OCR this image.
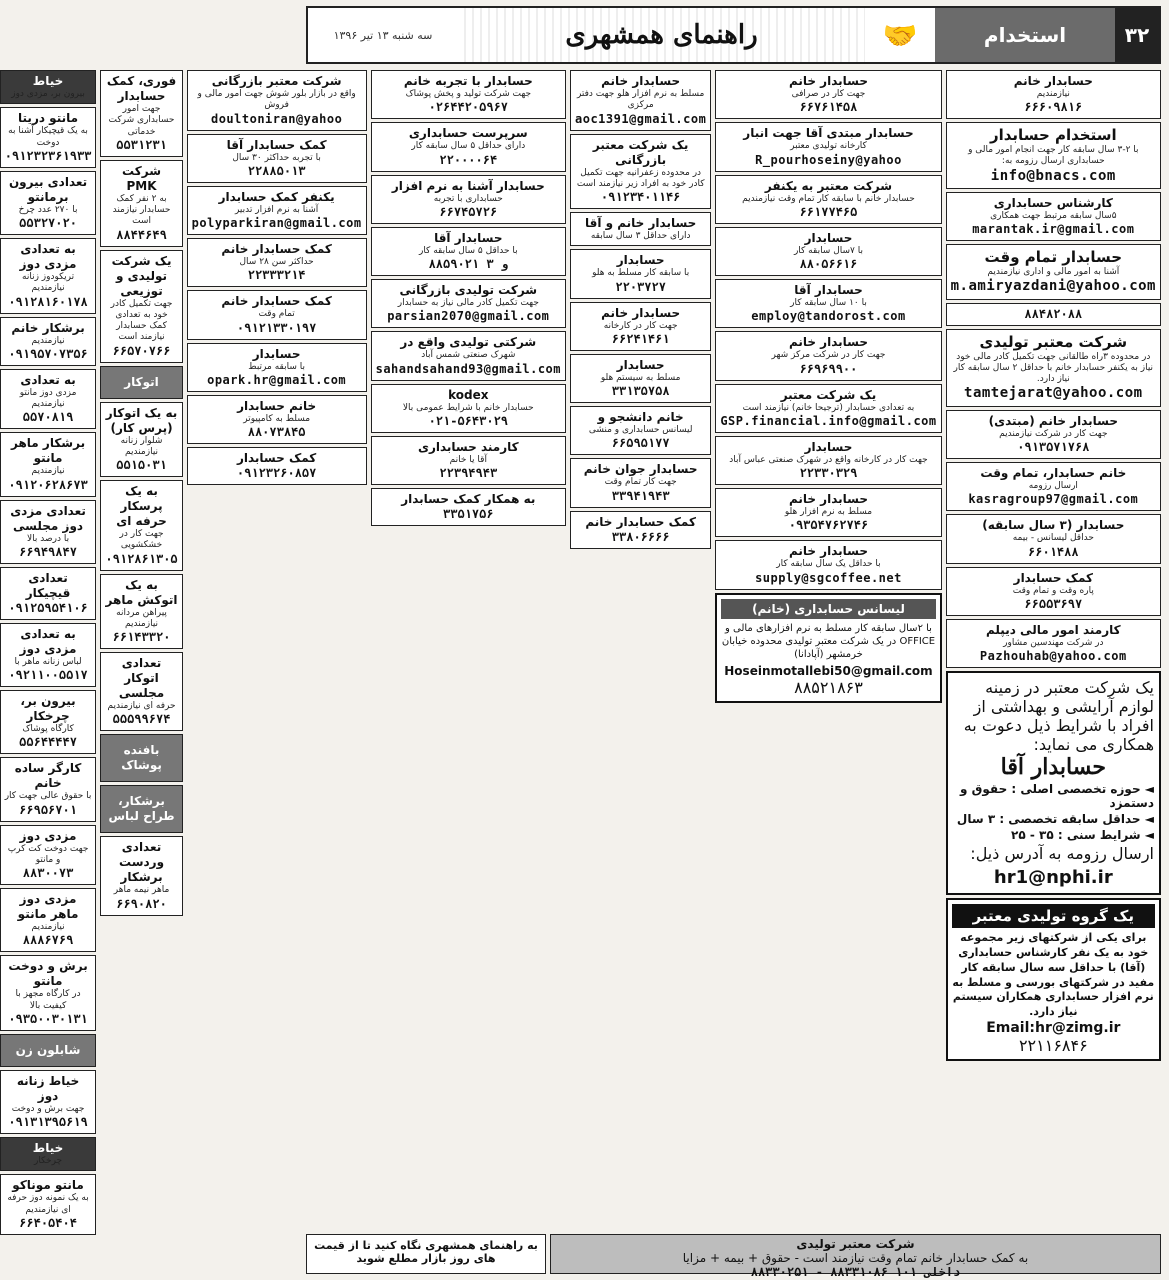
۳۲
استخدام
🤝
راهنمای همشهری
سه شنبه ۱۳ تیر ۱۳۹۶
حسابدار خانم
نیازمندیم
۶۶۶۰۹۸۱۶
استخدام حسابدار
با ۲-۳ سال سابقه کار جهت انجام امور مالی و حسابداری ارسال رزومه به:
info@bnacs.com
کارشناس حسابداری
۵سال سابقه مرتبط جهت همکاری
marantak.ir@gmail.com
حسابدار تمام وقت
آشنا به امور مالی و اداری نیازمندیم
m.amiryazdani@yahoo.com
۸۸۴۸۲۰۸۸
شرکت معتبر تولیدی
در محدوده ۳راه طالقانی جهت تکمیل کادر مالی خود نیاز به یکنفر حسابدار خانم با حداقل ۲ سال سابقه کار نیاز دارد.
tamtejarat@yahoo.com
حسابدار خانم (مبتدی)
جهت کار در شرکت نیازمندیم
۰۹۱۳۵۷۱۷۶۸
خانم حسابدار، تمام وقت
ارسال رزومه
kasragroup97@gmail.com
حسابدار (۳ سال سابقه)
حداقل لیسانس - بیمه
۶۶۰۱۴۸۸
کمک حسابدار
پاره وقت و تمام وقت
۶۶۵۵۳۶۹۷
کارمند امور مالی دیپلم
در شرکت مهندسین مشاور
Pazhouhab@yahoo.com
یک شرکت معتبر در زمینه لوازم آرایشی و بهداشتی از افراد با شرایط ذیل دعوت به همکاری می نماید:
حسابدار آقا
◄ حوزه تخصصی اصلی : حقوق و دستمزد
◄ حداقل سابقه تخصصی : ۳ سال
◄ شرایط سنی : ۳۵ - ۲۵
ارسال رزومه به آدرس ذیل:
hr1@nphi.ir
یک گروه تولیدی معتبر
برای یکی از شرکتهای زیر مجموعه خود به یک نفر کارشناس حسابداری (آقا) با حداقل سه سال سابقه کار مفید در شرکتهای بورسی و مسلط به نرم افزار حسابداری همکاران سیستم نیاز دارد.
Email:hr@zimg.ir
۲۲۱۱۶۸۴۶
حسابدار خانم
جهت کار در صرافی
۶۶۷۶۱۴۵۸
حسابدار مبتدی آقا جهت انبار
کارخانه تولیدی معتبر
R_pourhoseiny@yahoo
شرکت معتبر به یکنفر
حسابدار خانم با سابقه کار تمام وقت نیازمندیم
۶۶۱۷۷۴۶۵
حسابدار
با ۷سال سابقه کار
۸۸۰۵۶۶۱۶
حسابدار آقا
با ۱۰ سال سابقه کار
employ@tandorost.com
حسابدار خانم
جهت کار در شرکت مرکز شهر
۶۶۹۶۹۹۰۰
یک شرکت معتبر
به تعدادی حسابدار (ترجیحا خانم) نیازمند است
GSP.financial.info@gmail.com
حسابدار
جهت کار در کارخانه واقع در شهرک صنعتی عباس آباد
۲۲۳۳۰۳۲۹
حسابدار خانم
مسلط به نرم افزار هلو
۰۹۳۵۴۷۶۲۷۴۶
حسابدار خانم
با حداقل یک سال سابقه کار
supply@sgcoffee.net
لیسانس حسابداری (خانم)
با ۲سال سابقه کار مسلط به نرم افزارهای مالی و OFFICE در یک شرکت معتبر تولیدی محدوده خیابان خرمشهر (آپادانا)
Hoseinmotallebi50@gmail.com
۸۸۵۲۱۸۶۳
حسابدار خانم
مسلط به نرم افزار هلو جهت دفتر مرکزی
aoc1391@gmail.com
یک شرکت معتبر بازرگانی
در محدوده زعفرانیه جهت تکمیل کادر خود به افراد زیر نیازمند است
۰۹۱۲۳۴۰۱۱۴۶
حسابدار خانم و آقا
دارای حداقل ۳ سال سابقه
حسابدار
با سابقه کار مسلط به هلو
۲۲۰۳۷۲۷
حسابدار خانم
جهت کار در کارخانه
۶۶۲۴۱۴۶۱
حسابدار
مسلط به سیستم هلو
۳۳۱۳۵۷۵۸
خانم دانشجو و
لیسانس حسابداری و منشی
۶۶۵۹۵۱۷۷
حسابدار جوان خانم
جهت کار تمام وقت
۳۳۹۴۱۹۴۳
کمک حسابدار خانم
۳۳۸۰۶۶۶۶
حسابدار با تجربه خانم
جهت شرکت تولید و پخش پوشاک
۰۲۶۴۴۲۰۵۹۶۷
سرپرست حسابداری
دارای حداقل ۵ سال سابقه کار
۲۲۰۰۰۰۶۴
حسابدار آشنا به نرم افزار
حسابداری با تجربه
۶۶۷۴۵۷۲۶
حسابدار آقا
با حداقل ۵ سال سابقه کار
۸۸۵۹۰۲۱ و ۳
شرکت تولیدی بازرگانی
جهت تکمیل کادر مالی نیاز به حسابدار
parsian2070@gmail.com
شرکتی تولیدی واقع در
شهرک صنعتی شمس آباد
sahandsahand93@gmail.com
kodex
حسابدار خانم با شرایط عمومی بالا
۰۲۱-۵۶۴۳۰۲۹
کارمند حسابداری
آقا یا خانم
۲۲۳۹۴۹۴۳
به همکار کمک حسابدار
۳۳۵۱۷۵۶
شرکت معتبر بازرگانی
واقع در بازار بلور شوش جهت امور مالی و فروش
doultoniran@yahoo
کمک حسابدار آقا
با تجربه حداکثر ۳۰ سال
۲۲۸۸۵۰۱۳
یکنفر کمک حسابدار
آشنا به نرم افزار تدبیر
polyparkiran@gmail.com
کمک حسابدار خانم
حداکثر سن ۲۸ سال
۲۲۳۳۳۲۱۴
کمک حسابدار خانم
تمام وقت
۰۹۱۲۱۳۳۰۱۹۷
حسابدار
با سابقه مرتبط
opark.hr@gmail.com
خانم حسابدار
مسلط به کامپیوتر
۸۸۰۷۳۸۴۵
کمک حسابدار
۰۹۱۲۳۲۶۰۸۵۷
فوری، کمک حسابدار
جهت امور حسابداری شرکت خدماتی
۵۵۳۱۲۳۱
شرکت PMK
به ۲ نفر کمک حسابدار نیازمند است
۸۸۴۴۶۴۹
یک شرکت تولیدی و توزیعی
جهت تکمیل کادر خود به تعدادی کمک حسابدار نیازمند است
۶۶۵۷۰۷۶۶
اتوکار
به یک اتوکار (پرس کار)
شلوار زنانه نیازمندیم
۵۵۱۵۰۳۱
به یک پرسکار حرفه ای
جهت کار در خشکشویی
۰۹۱۲۸۶۱۳۰۵
به یک اتوکش ماهر
پیراهن مردانه نیازمندیم
۶۶۱۴۳۳۲۰
تعدادی اتوکار مجلسی
حرفه ای نیازمندیم
۵۵۵۹۹۶۷۴
بافنده پوشاک
برشکار، طراح لباس
تعدادی وردست برشکار
ماهر نیمه ماهر
۶۶۹۰۸۲۰
خیاط
بیرون بر، مزدی دوز
مانتو دریتا
به یک قیچیکار آشنا به دوخت
۰۹۱۲۳۲۳۶۱۹۳۳
تعدادی بیرون برمانتو
با ۲۷۰ عدد چرخ
۵۵۳۲۷۰۲۰
به تعدادی مزدی دوز
تریکودوز زنانه نیازمندیم
۰۹۱۲۸۱۶۰۱۷۸
برشکار خانم
نیازمندیم
۰۹۱۹۵۷۰۷۳۵۶
به تعدادی
مزدی دوز مانتو نیازمندیم
۵۵۷۰۸۱۹
برشکار ماهر مانتو
نیازمندیم
۰۹۱۲۰۶۲۸۶۷۳
تعدادی مزدی دوز مجلسی
با درصد بالا
۶۶۹۴۹۸۴۷
تعدادی قیچیکار
۰۹۱۲۵۹۵۴۱۰۶
به تعدادی مزدی دوز
لباس زنانه ماهر با
۰۹۲۱۱۰۰۵۵۱۷
بیرون بر، چرخکار
کارگاه پوشاک
۵۵۶۴۴۴۴۷
کارگر ساده خانم
با حقوق عالی جهت کار
۶۶۹۵۶۷۰۱
مزدی دوز
جهت دوخت کت کرپ و مانتو
۸۸۳۰۰۷۳
مزدی دوز ماهر مانتو
نیازمندیم
۸۸۸۶۷۶۹
برش و دوخت مانتو
در کارگاه مجهز با کیفیت بالا
۰۹۳۵۰۰۳۰۱۳۱
شابلون زن
خیاط زنانه دوز
جهت برش و دوخت
۰۹۱۳۱۳۹۵۶۱۹
خیاط
چرخکار
مانتو موناکو
به یک نمونه دوز حرفه ای نیازمندیم
۶۶۴۰۵۴۰۴
شرکت معتبر تولیدی
به کمک حسابدار خانم تمام وقت نیازمند است - حقوق + بیمه + مزایا
۸۸۳۳۰۲۵۱ - ۸۸۳۳۱۰۸۶ داخلی ۱۰۱
به راهنمای همشهری نگاه کنید تا از قیمت های روز بازار مطلع شوید
